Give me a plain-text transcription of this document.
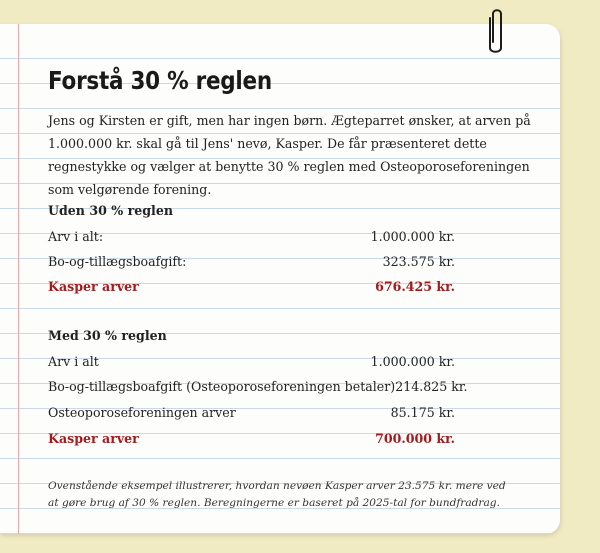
Forstå 30 % reglen

Jens og Kirsten er gift, men har ingen børn. Ægteparret ønsker, at arven på 1.000.000 kr. skal gå til Jens' nevø, Kasper. De får præsenteret dette regnestykke og vælger at benytte 30 % reglen med Osteoporoseforeningen som velgørende forening.

Uden 30 % reglen
Arv i alt:	1.000.000 kr.
Bo-og-tillægsboafgift:	323.575 kr.
Kasper arver	676.425 kr.
Med 30 % reglen
Arv i alt	1.000.000 kr.
Bo-og-tillægsboafgift (Osteoporoseforeningen betaler) 214.825 kr.
Osteoporoseforeningen arver	85.175 kr.
Kasper arver	700.000 kr.

Ovenstående eksempel illustrerer, hvordan nevøen Kasper arver 23.575 kr. mere ved at gøre brug af 30 % reglen. Beregningerne er baseret på 2025-tal for bundfradrag.
